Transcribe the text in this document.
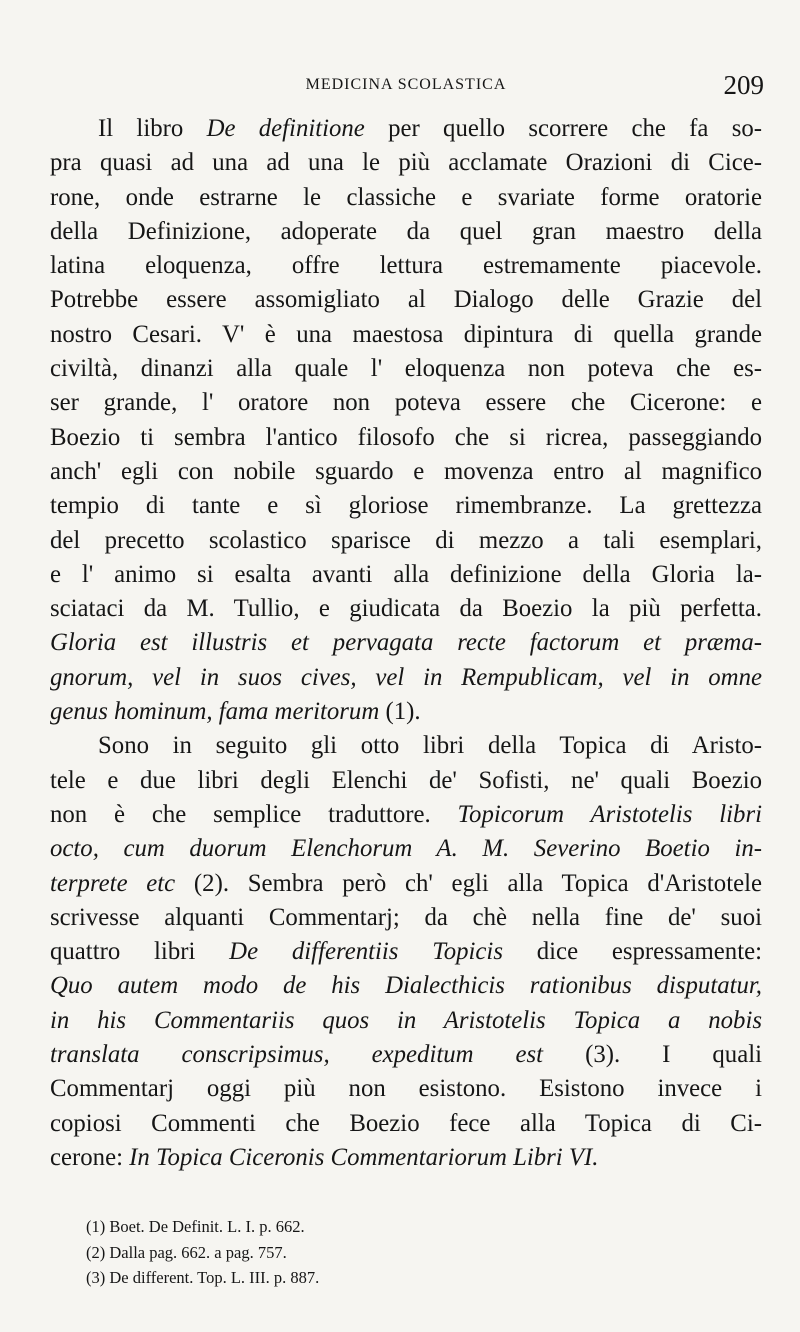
MEDICINA SCOLASTICA	209
Il libro De definitione per quello scorrere che fa so-
pra quasi ad una ad una le più acclamate Orazioni di Cice-
rone, onde estrarne le classiche e svariate forme oratorie
della Definizione, adoperate da quel gran maestro della
latina eloquenza, offre lettura estremamente piacevole.
Potrebbe essere assomigliato al Dialogo delle Grazie del
nostro Cesari. V' è una maestosa dipintura di quella grande
civiltà, dinanzi alla quale l' eloquenza non poteva che es-
ser grande, l' oratore non poteva essere che Cicerone: e
Boezio ti sembra l'antico filosofo che si ricrea, passeggiando
anch' egli con nobile sguardo e movenza entro al magnifico
tempio di tante e sì gloriose rimembranze. La grettezza
del precetto scolastico sparisce di mezzo a tali esemplari,
e l' animo si esalta avanti alla definizione della Gloria la-
sciataci da M. Tullio, e giudicata da Boezio la più perfetta.
Gloria est illustris et pervagata recte factorum et præma-
gnorum, vel in suos cives, vel in Rempublicam, vel in omne
genus hominum, fama meritorum (1).
Sono in seguito gli otto libri della Topica di Aristo-
tele e due libri degli Elenchi de' Sofisti, ne' quali Boezio
non è che semplice traduttore. Topicorum Aristotelis libri
octo, cum duorum Elenchorum A. M. Severino Boetio in-
terprete etc (2). Sembra però ch' egli alla Topica d'Aristotele
scrivesse alquanti Commentarj; da chè nella fine de' suoi
quattro libri De differentiis Topicis dice espressamente:
Quo autem modo de his Dialecthicis rationibus disputatur,
in his Commentariis quos in Aristotelis Topica a nobis
translata conscripsimus, expeditum est (3). I quali
Commentarj oggi più non esistono. Esistono invece i
copiosi Commenti che Boezio fece alla Topica di Ci-
cerone: In Topica Ciceronis Commentariorum Libri VI.
(1) Boet. De Definit. L. I. p. 662.
(2) Dalla pag. 662. a pag. 757.
(3) De different. Top. L. III. p. 887.
